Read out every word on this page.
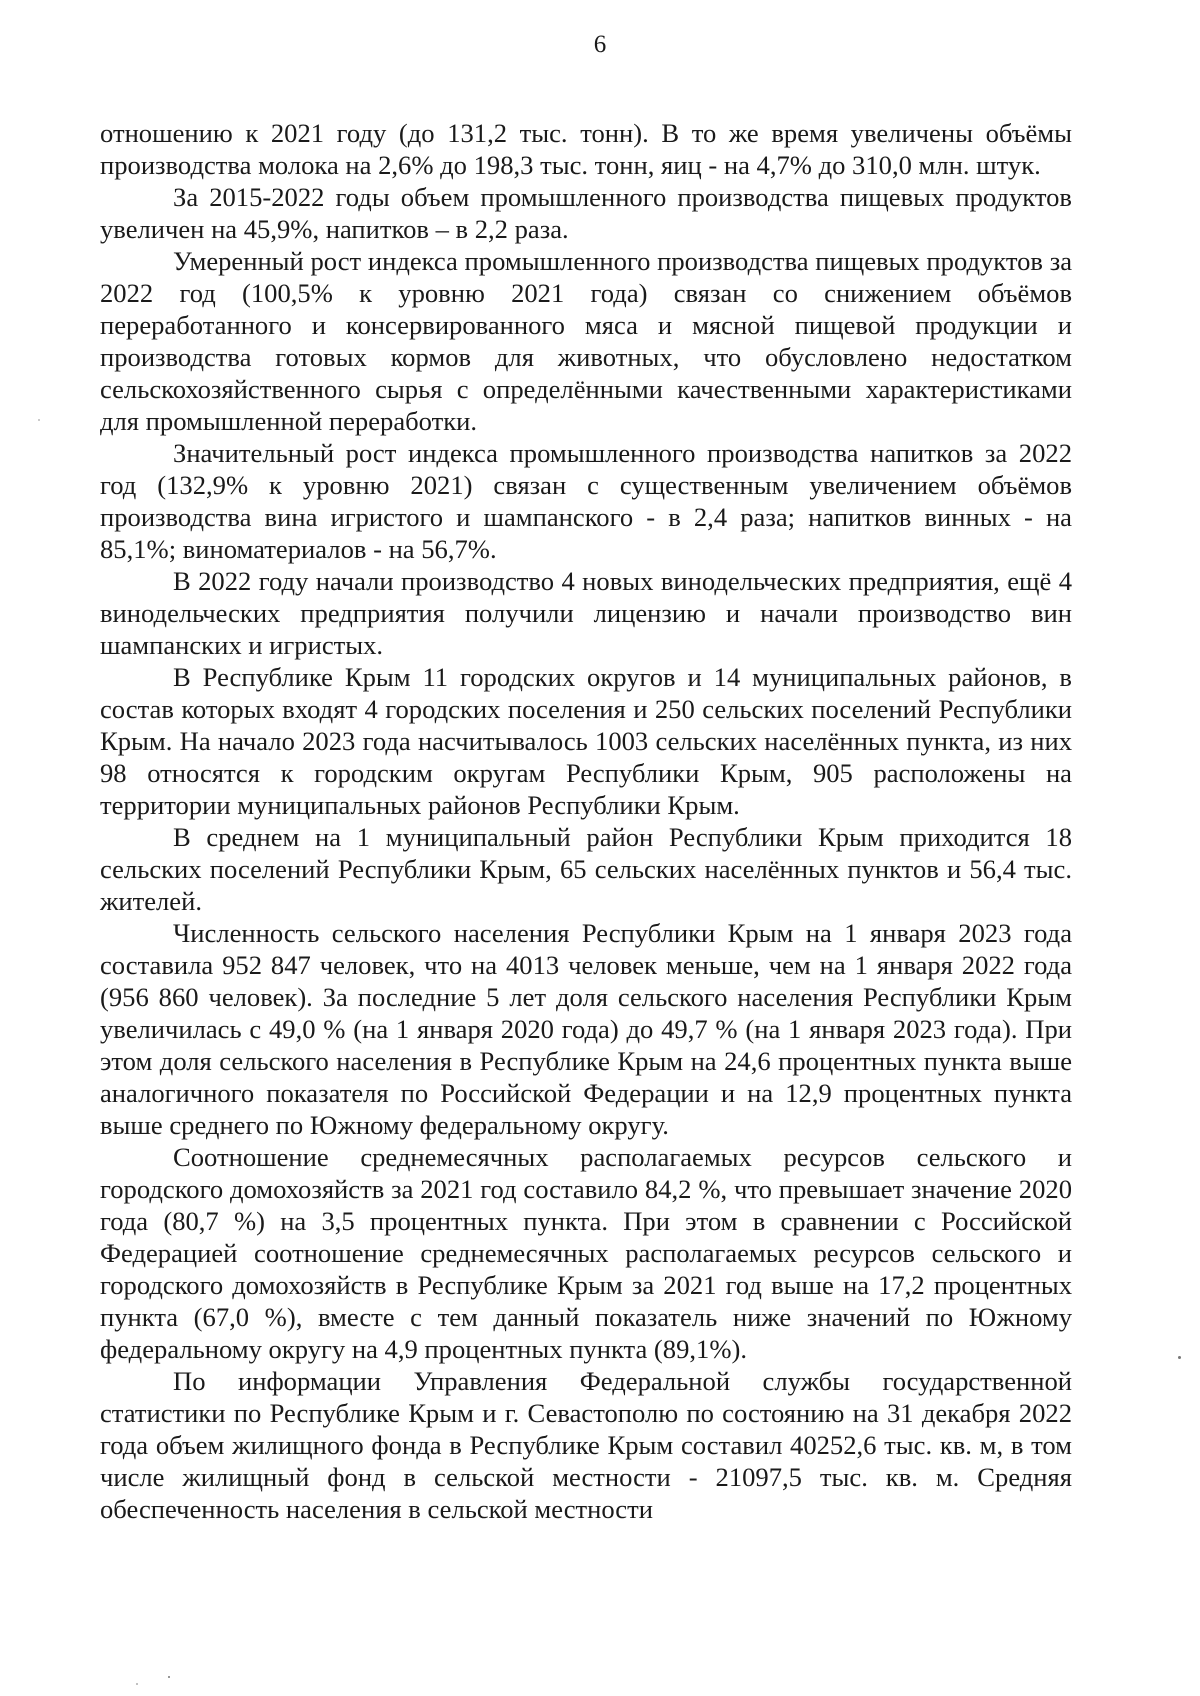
6

отношению к 2021 году (до 131,2 тыс. тонн). В то же время увеличены объёмы производства молока на 2,6% до 198,3 тыс. тонн, яиц - на 4,7% до 310,0 млн. штук.

За 2015-2022 годы объем промышленного производства пищевых продуктов увеличен на 45,9%, напитков – в 2,2 раза.

Умеренный рост индекса промышленного производства пищевых продуктов за 2022 год (100,5% к уровню 2021 года) связан со снижением объёмов переработанного и консервированного мяса и мясной пищевой продукции и производства готовых кормов для животных, что обусловлено недостатком сельскохозяйственного сырья с определёнными качественными характеристиками для промышленной переработки.

Значительный рост индекса промышленного производства напитков за 2022 год (132,9% к уровню 2021) связан с существенным увеличением объёмов производства вина игристого и шампанского - в 2,4 раза; напитков винных - на 85,1%; виноматериалов - на 56,7%.

В 2022 году начали производство 4 новых винодельческих предприятия, ещё 4 винодельческих предприятия получили лицензию и начали производство вин шампанских и игристых.

В Республике Крым 11 городских округов и 14 муниципальных районов, в состав которых входят 4 городских поселения и 250 сельских поселений Республики Крым. На начало 2023 года насчитывалось 1003 сельских населённых пункта, из них 98 относятся к городским округам Республики Крым, 905 расположены на территории муниципальных районов Республики Крым.

В среднем на 1 муниципальный район Республики Крым приходится 18 сельских поселений Республики Крым, 65 сельских населённых пунктов и 56,4 тыс. жителей.

Численность сельского населения Республики Крым на 1 января 2023 года составила 952 847 человек, что на 4013 человек меньше, чем на 1 января 2022 года (956 860 человек). За последние 5 лет доля сельского населения Республики Крым увеличилась с 49,0 % (на 1 января 2020 года) до 49,7 % (на 1 января 2023 года). При этом доля сельского населения в Республике Крым на 24,6 процентных пункта выше аналогичного показателя по Российской Федерации и на 12,9 процентных пункта выше среднего по Южному федеральному округу.

Соотношение среднемесячных располагаемых ресурсов сельского и городского домохозяйств за 2021 год составило 84,2 %, что превышает значение 2020 года (80,7 %) на 3,5 процентных пункта. При этом в сравнении с Российской Федерацией соотношение среднемесячных располагаемых ресурсов сельского и городского домохозяйств в Республике Крым за 2021 год выше на 17,2 процентных пункта (67,0 %), вместе с тем данный показатель ниже значений по Южному федеральному округу на 4,9 процентных пункта (89,1%).

По информации Управления Федеральной службы государственной статистики по Республике Крым и г. Севастополю по состоянию на 31 декабря 2022 года объем жилищного фонда в Республике Крым составил 40252,6 тыс. кв. м, в том числе жилищный фонд в сельской местности - 21097,5 тыс. кв. м. Средняя обеспеченность населения в сельской местности
